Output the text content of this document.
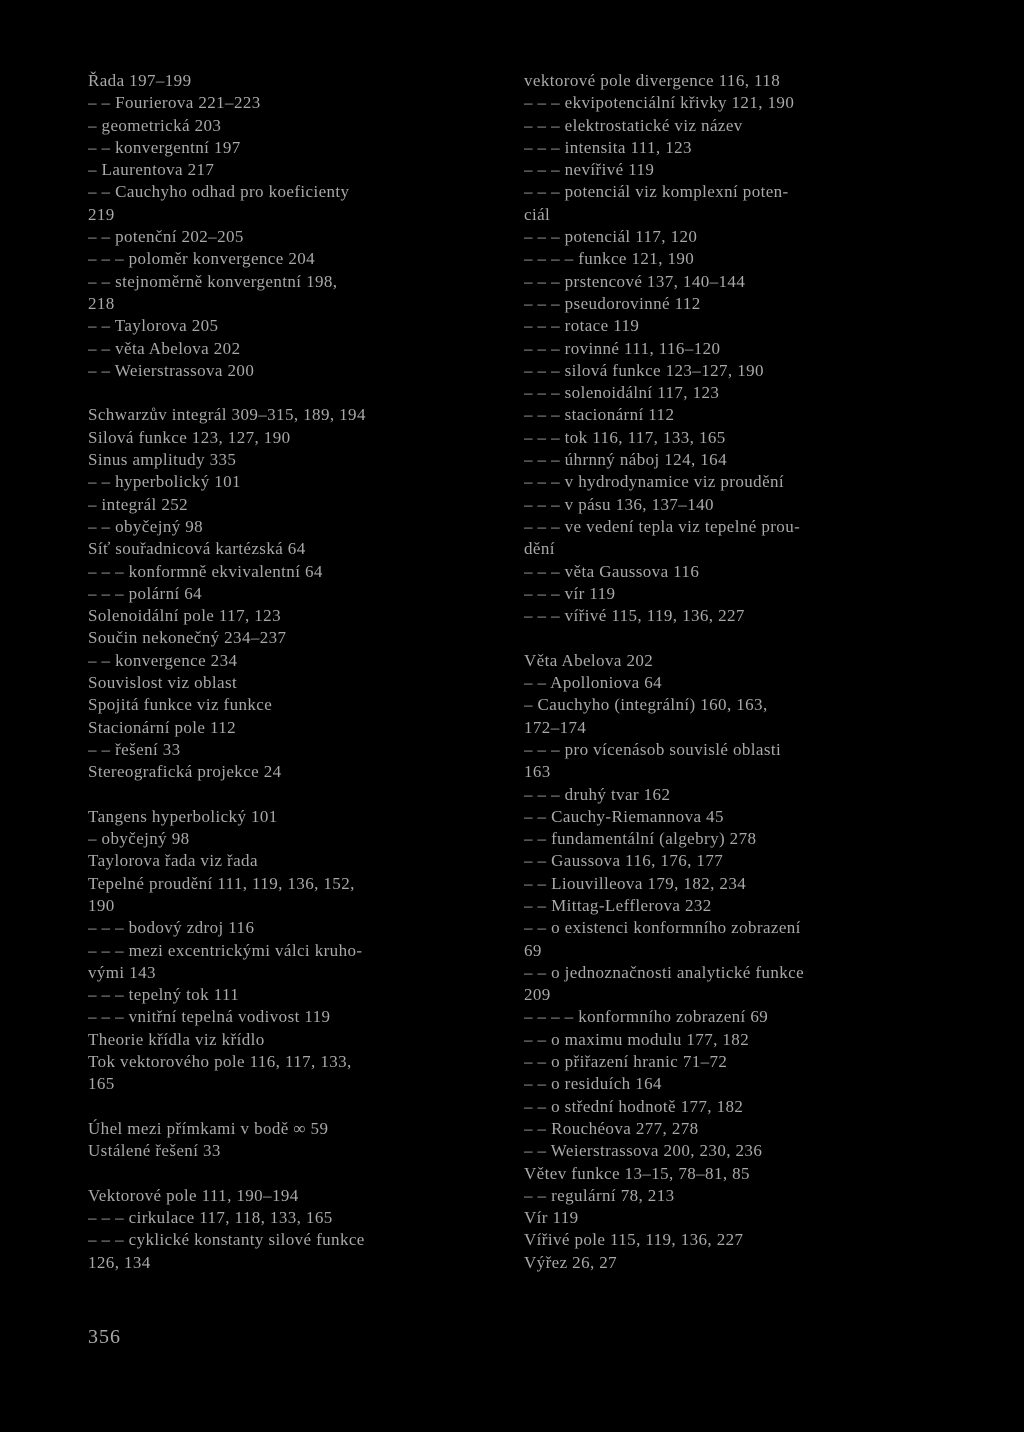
Řada 197–199
– – Fourierova 221–223
– geometrická 203
– – konvergentní 197
– Laurentova 217
– – Cauchyho odhad pro koeficienty
219
– – potenční 202–205
– – – poloměr konvergence 204
– – stejnoměrně konvergentní 198,
218
– – Taylorova 205
– – věta Abelova 202
– – Weierstrassova 200
Schwarzův integrál 309–315, 189, 194
Silová funkce 123, 127, 190
Sinus amplitudy 335
– – hyperbolický 101
– integrál 252
– – obyčejný 98
Síť souřadnicová kartézská 64
– – – konformně ekvivalentní 64
– – – polární 64
Solenoidální pole 117, 123
Součin nekonečný 234–237
– – konvergence 234
Souvislost viz oblast
Spojitá funkce viz funkce
Stacionární pole 112
– – řešení 33
Stereografická projekce 24
Tangens hyperbolický 101
– obyčejný 98
Taylorova řada viz řada
Tepelné proudění 111, 119, 136, 152,
190
– – – bodový zdroj 116
– – – mezi excentrickými válci kruho-
vými 143
– – – tepelný tok 111
– – – vnitřní tepelná vodivost 119
Theorie křídla viz křídlo
Tok vektorového pole 116, 117, 133,
165
Úhel mezi přímkami v bodě ∞ 59
Ustálené řešení 33
Vektorové pole 111, 190–194
– – – cirkulace 117, 118, 133, 165
– – – cyklické konstanty silové funkce
126, 134
vektorové pole divergence 116, 118
– – – ekvipotenciální křivky 121, 190
– – – elektrostatické viz název
– – – intensita 111, 123
– – – nevířivé 119
– – – potenciál viz komplexní poten-
ciál
– – – potenciál 117, 120
– – – – funkce 121, 190
– – – prstencové 137, 140–144
– – – pseudorovinné 112
– – – rotace 119
– – – rovinné 111, 116–120
– – – silová funkce 123–127, 190
– – – solenoidální 117, 123
– – – stacionární 112
– – – tok 116, 117, 133, 165
– – – úhrnný náboj 124, 164
– – – v hydrodynamice viz proudění
– – – v pásu 136, 137–140
– – – ve vedení tepla viz tepelné prou-
dění
– – – věta Gaussova 116
– – – vír 119
– – – vířivé 115, 119, 136, 227
Věta Abelova 202
– – Apolloniova 64
– Cauchyho (integrální) 160, 163,
172–174
– – – pro vícenásob souvislé oblasti
163
– – – druhý tvar 162
– – Cauchy-Riemannova 45
– – fundamentální (algebry) 278
– – Gaussova 116, 176, 177
– – Liouvilleova 179, 182, 234
– – Mittag-Lefflerova 232
– – o existenci konformního zobrazení
69
– – o jednoznačnosti analytické funkce
209
– – – – konformního zobrazení 69
– – o maximu modulu 177, 182
– – o přiřazení hranic 71–72
– – o residuích 164
– – o střední hodnotě 177, 182
– – Rouchéova 277, 278
– – Weierstrassova 200, 230, 236
Větev funkce 13–15, 78–81, 85
– – regulární 78, 213
Vír 119
Vířivé pole 115, 119, 136, 227
Výřez 26, 27
356
